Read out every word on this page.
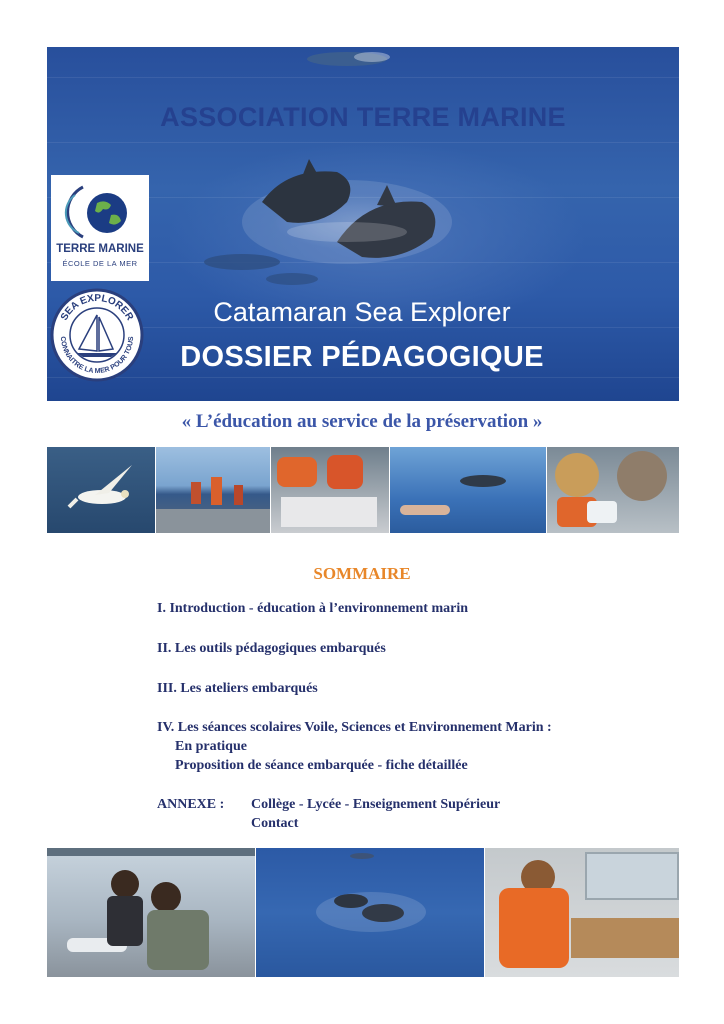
ASSOCIATION TERRE MARINE
TERRE MARINE
ÉCOLE DE LA MER
SEA EXPLORER
CONNAITRE LA MER POUR TOUS
Catamaran Sea Explorer
DOSSIER PÉDAGOGIQUE
« L’éducation au service de la préservation »
SOMMAIRE
I. Introduction - éducation à l’environnement marin
II. Les outils pédagogiques embarqués
III. Les ateliers embarqués
IV. Les séances scolaires Voile, Sciences et Environnement Marin :
En pratique
Proposition de séance embarquée - fiche détaillée
ANNEXE : Collège - Lycée - Enseignement Supérieur
Contact
